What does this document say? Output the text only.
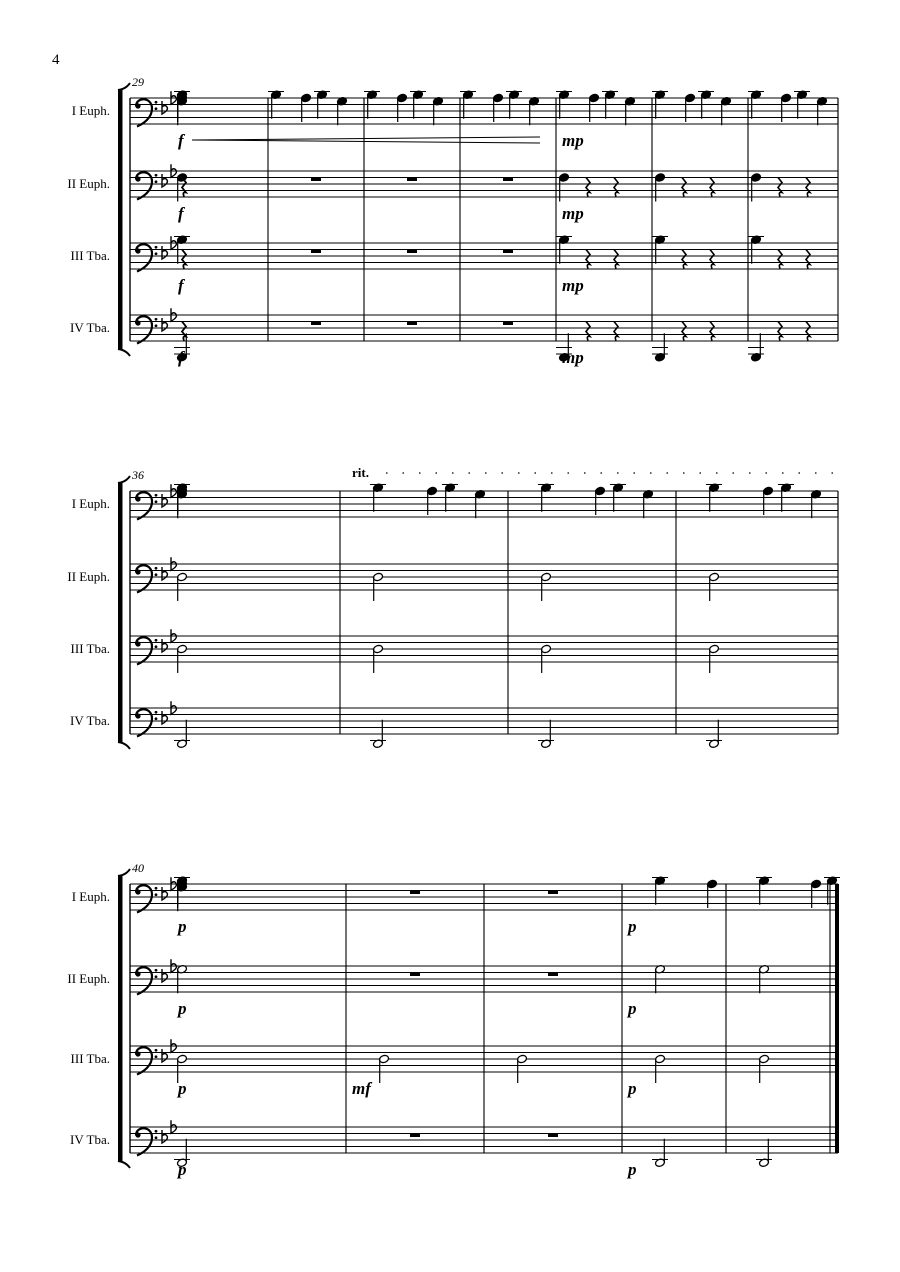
4
29
I Euph.
II Euph.
III Tba.
IV Tba.
f	mp
f	mp
f	mp
f	mp
36	rit.
I Euph.
II Euph.
III Tba.
IV Tba.
40
I Euph.
II Euph.
III Tba.
IV Tba.
p	p
p	p
p	mf	p
p	p
